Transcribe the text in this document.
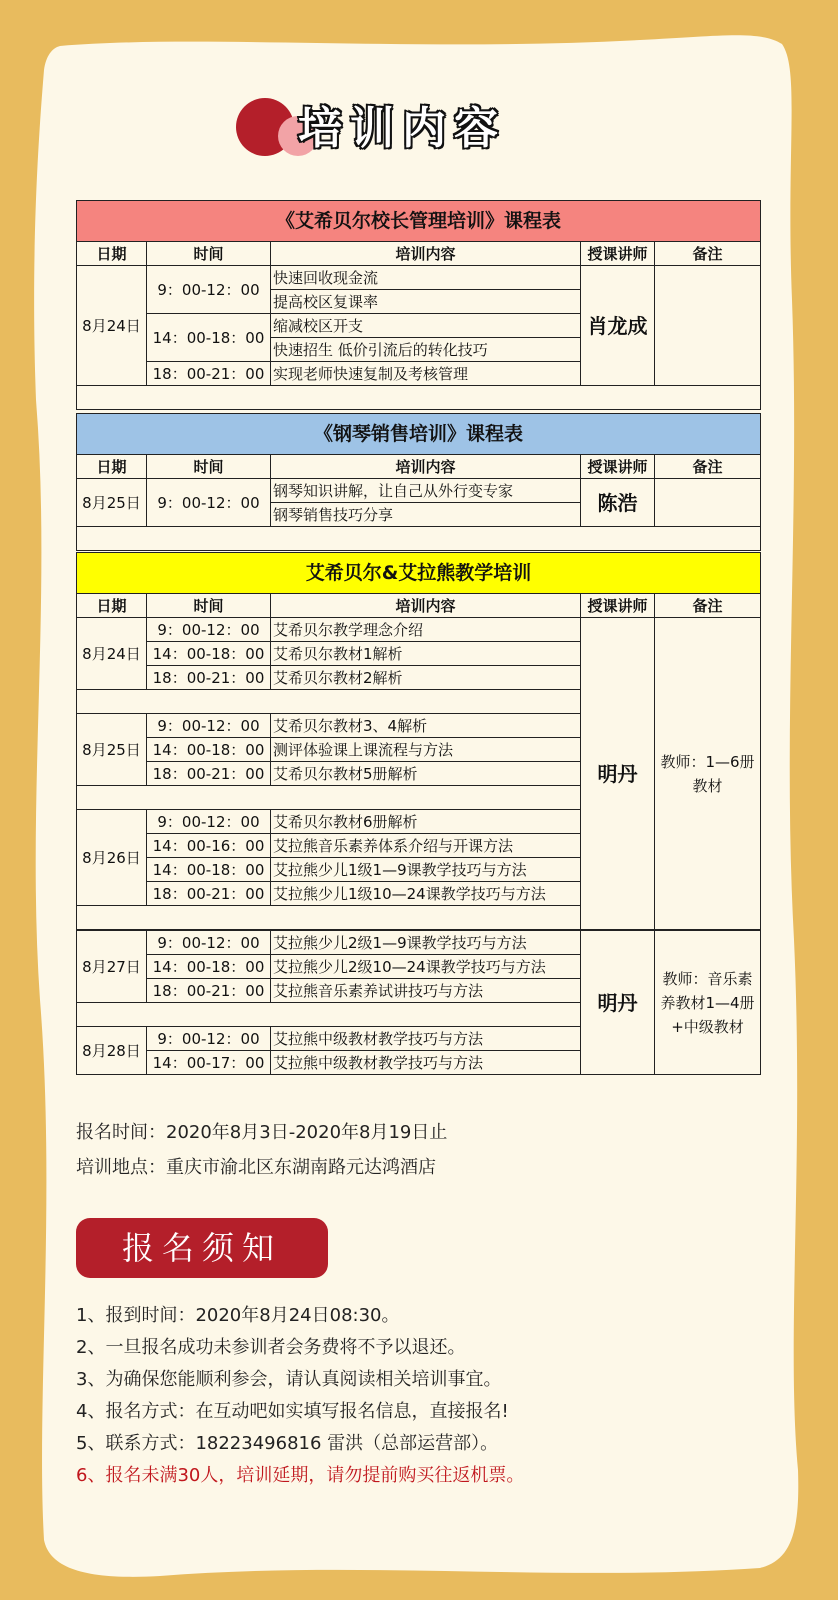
培训内容
《艾希贝尔校长管理培训》课程表				
日期	时间	培训内容	授课讲师	备注
8月24日	9：00-12：00	快速回收现金流	肖龙成	
		提高校区复课率		
	14：00-18：00	缩减校区开支		
		快速招生 低价引流后的转化技巧		
	18：00-21：00	实现老师快速复制及考核管理		

《钢琴销售培训》课程表				
日期	时间	培训内容	授课讲师	备注
8月25日	9：00-12：00	钢琴知识讲解，让自己从外行变专家	陈浩	
		钢琴销售技巧分享		

艾希贝尔&艾拉熊教学培训				
日期	时间	培训内容	授课讲师	备注
8月24日	9：00-12：00	艾希贝尔教学理念介绍	明丹	教师：1—6册教材
	14：00-18：00	艾希贝尔教材1解析		
	18：00-21：00	艾希贝尔教材2解析		

8月25日	9：00-12：00	艾希贝尔教材3、4解析		
	14：00-18：00	测评体验课上课流程与方法		
	18：00-21：00	艾希贝尔教材5册解析		

8月26日	9：00-12：00	艾希贝尔教材6册解析		
	14：00-16：00	艾拉熊音乐素养体系介绍与开课方法		
	14：00-18：00	艾拉熊少儿1级1—9课教学技巧与方法		
	18：00-21：00	艾拉熊少儿1级10—24课教学技巧与方法		

8月27日	9：00-12：00	艾拉熊少儿2级1—9课教学技巧与方法	明丹	教师：音乐素养教材1—4册+中级教材
	14：00-18：00	艾拉熊少儿2级10—24课教学技巧与方法		
	18：00-21：00	艾拉熊音乐素养试讲技巧与方法		

8月28日	9：00-12：00	艾拉熊中级教材教学技巧与方法		
	14：00-17：00	艾拉熊中级教材教学技巧与方法		
报名时间：2020年8月3日-2020年8月19日止
培训地点：重庆市渝北区东湖南路元达鸿酒店
报名须知
1、报到时间：2020年8月24日08:30。
2、一旦报名成功未参训者会务费将不予以退还。
3、为确保您能顺利参会，请认真阅读相关培训事宜。
4、报名方式：在互动吧如实填写报名信息，直接报名!
5、联系方式：18223496816 雷洪（总部运营部）。
6、报名未满30人，培训延期，请勿提前购买往返机票。
